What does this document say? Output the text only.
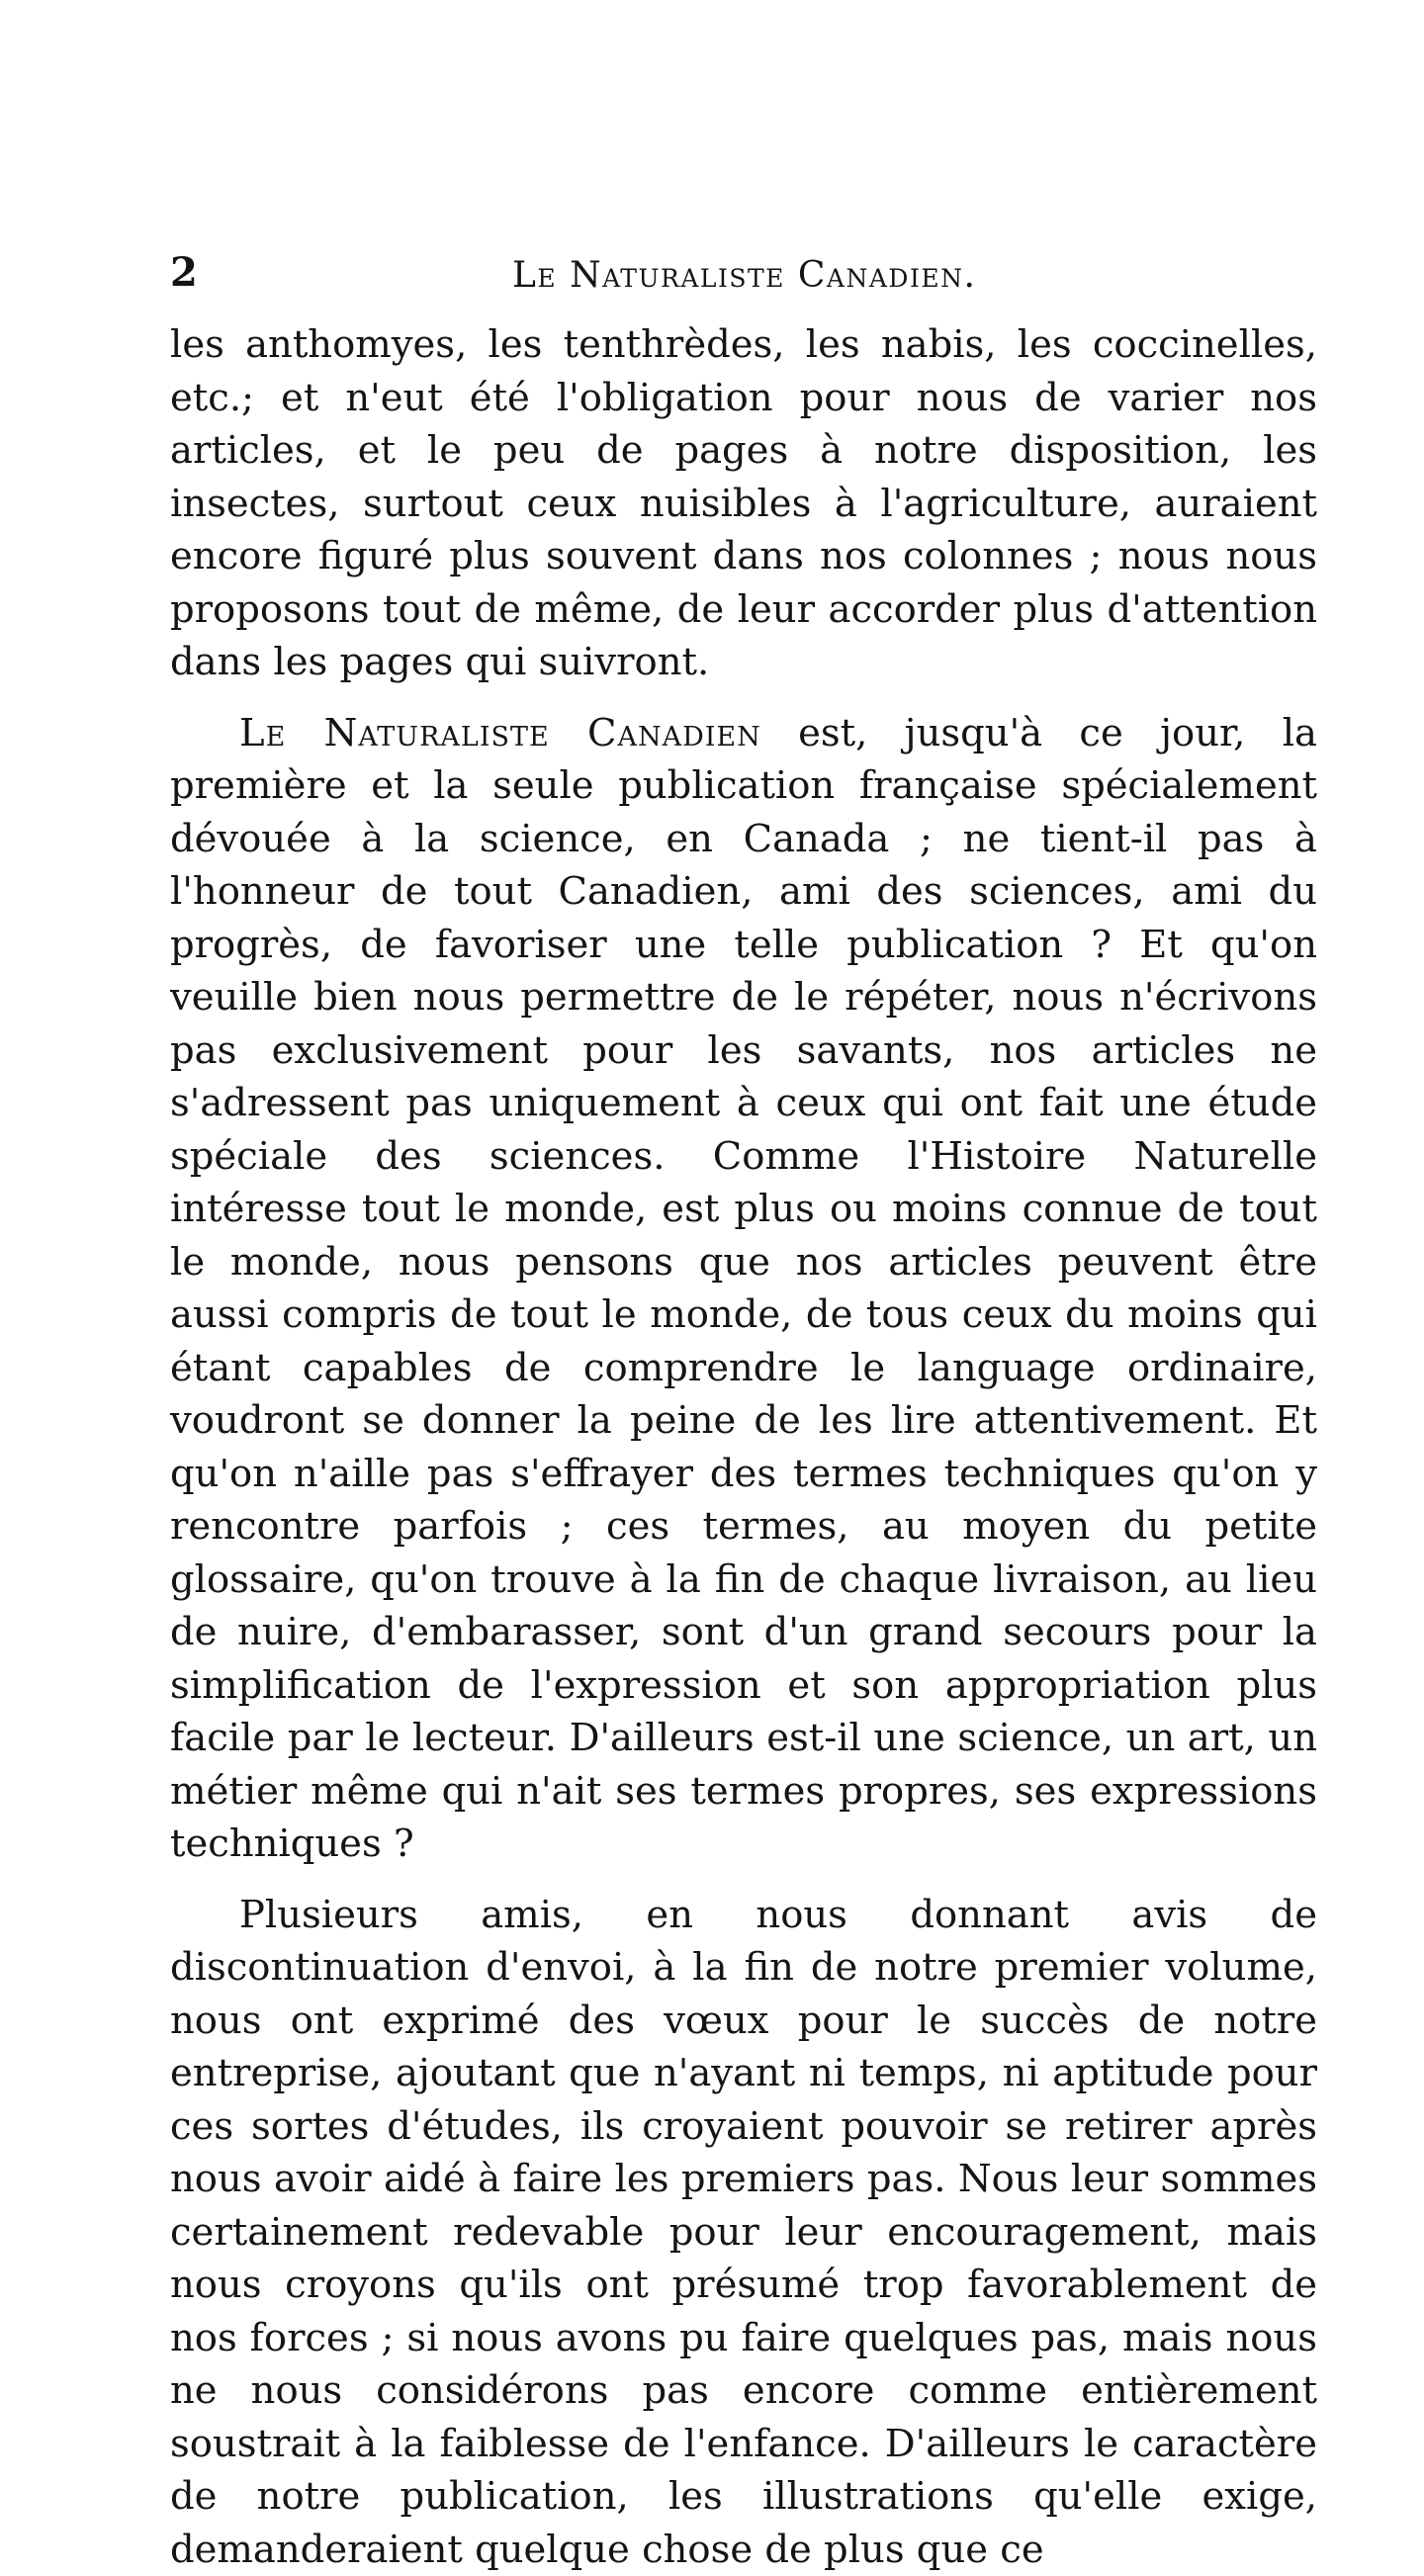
2	Le Naturaliste Canadien.

les anthomyes, les tenthrèdes, les nabis, les coccinelles, etc.; et n'eut été l'obligation pour nous de varier nos articles, et le peu de pages à notre disposition, les insectes, surtout ceux nuisibles à l'agriculture, auraient encore figuré plus souvent dans nos colonnes ; nous nous proposons tout de même, de leur accorder plus d'attention dans les pages qui suivront.

Le Naturaliste Canadien est, jusqu'à ce jour, la première et la seule publication française spécialement dévouée à la science, en Canada ; ne tient-il pas à l'honneur de tout Canadien, ami des sciences, ami du progrès, de favoriser une telle publication ? Et qu'on veuille bien nous permettre de le répéter, nous n'écrivons pas exclusivement pour les savants, nos articles ne s'adressent pas uniquement à ceux qui ont fait une étude spéciale des sciences. Comme l'Histoire Naturelle intéresse tout le monde, est plus ou moins connue de tout le monde, nous pensons que nos articles peuvent être aussi compris de tout le monde, de tous ceux du moins qui étant capables de comprendre le language ordinaire, voudront se donner la peine de les lire attentivement. Et qu'on n'aille pas s'effrayer des termes techniques qu'on y rencontre parfois ; ces termes, au moyen du petite glossaire, qu'on trouve à la fin de chaque livraison, au lieu de nuire, d'embarasser, sont d'un grand secours pour la simplification de l'expression et son appropriation plus facile par le lecteur. D'ailleurs est-il une science, un art, un métier même qui n'ait ses termes propres, ses expressions techniques ?

Plusieurs amis, en nous donnant avis de discontinuation d'envoi, à la fin de notre premier volume, nous ont exprimé des vœux pour le succès de notre entreprise, ajoutant que n'ayant ni temps, ni aptitude pour ces sortes d'études, ils croyaient pouvoir se retirer après nous avoir aidé à faire les premiers pas. Nous leur sommes certainement redevable pour leur encouragement, mais nous croyons qu'ils ont présumé trop favorablement de nos forces ; si nous avons pu faire quelques pas, mais nous ne nous considérons pas encore comme entièrement soustrait à la faiblesse de l'enfance. D'ailleurs le caractère de notre publication, les illustrations qu'elle exige, demanderaient quelque chose de plus que ce
